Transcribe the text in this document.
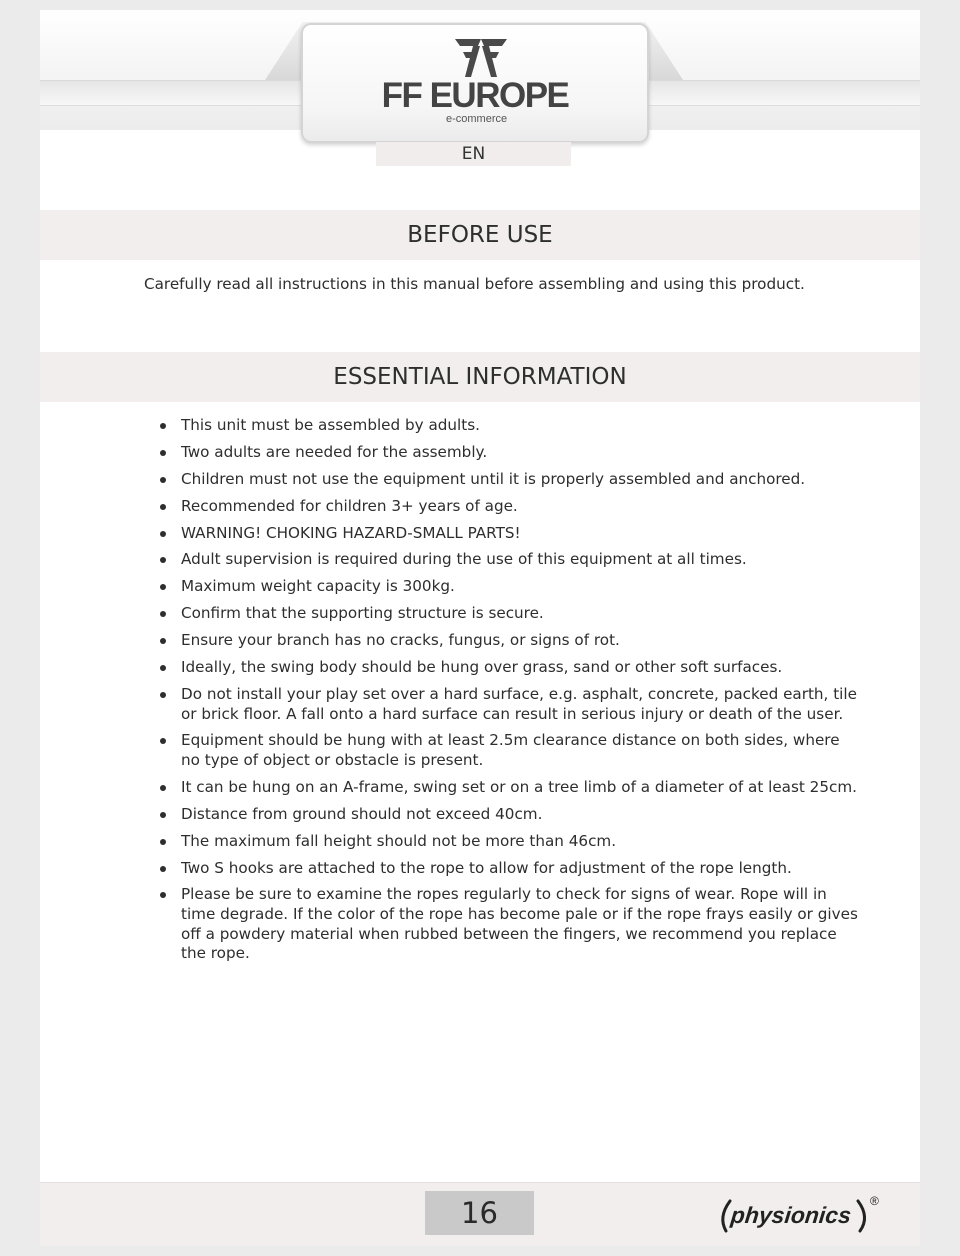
FF EUROPE
e-commerce
EN
BEFORE USE
Carefully read all instructions in this manual before assembling and using this product.
ESSENTIAL INFORMATION
This unit must be assembled by adults.
Two adults are needed for the assembly.
Children must not use the equipment until it is properly assembled and anchored.
Recommended for children 3+ years of age.
WARNING! CHOKING HAZARD-SMALL PARTS!
Adult supervision is required during the use of this equipment at all times.
Maximum weight capacity is 300kg.
Confirm that the supporting structure is secure.
Ensure your branch has no cracks, fungus, or signs of rot.
Ideally, the swing body should be hung over grass, sand or other soft surfaces.
Do not install your play set over a hard surface, e.g. asphalt, concrete, packed earth, tile or brick floor. A fall onto a hard surface can result in serious injury or death of the user.
Equipment should be hung with at least 2.5m clearance distance on both sides, where no type of object or obstacle is present.
It can be hung on an A-frame, swing set or on a tree limb of a diameter of at least 25cm.
Distance from ground should not exceed 40cm.
The maximum fall height should not be more than 46cm.
Two S hooks are attached to the rope to allow for adjustment of the rope length.
Please be sure to examine the ropes regularly to check for signs of wear. Rope will in time degrade. If the color of the rope has become pale or if the rope frays easily or gives off a powdery material when rubbed between the fingers, we recommend you replace the rope.
16	physionics
®
